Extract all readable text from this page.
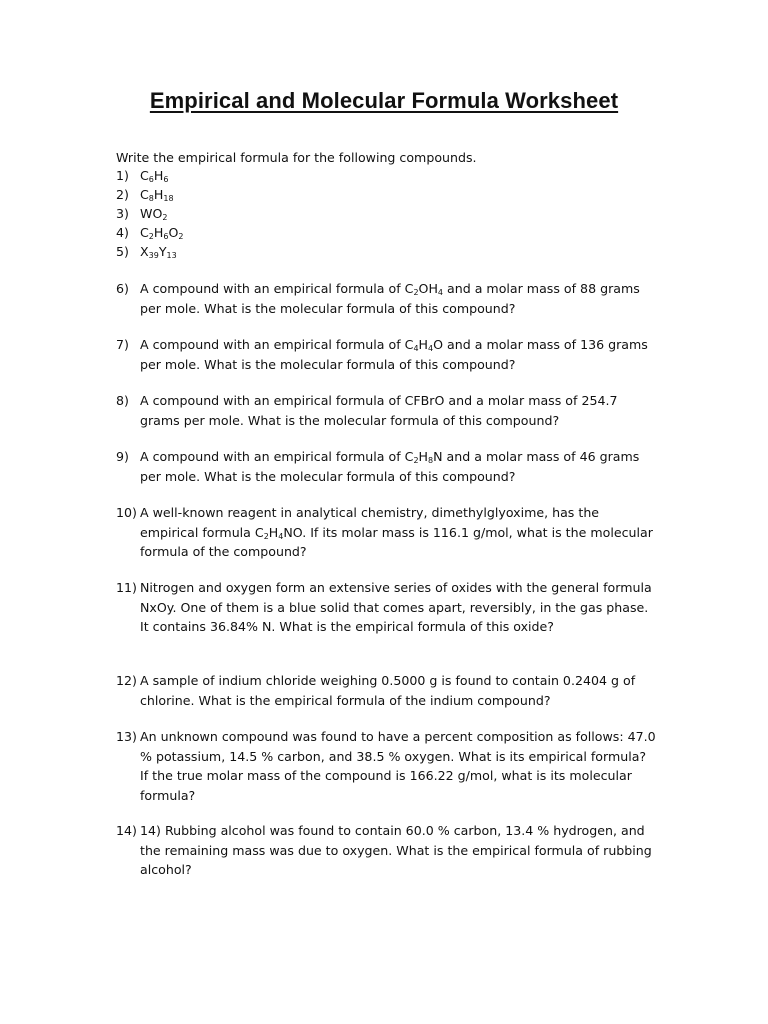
Empirical and Molecular Formula Worksheet
Write the empirical formula for the following compounds.
1) $C_6H_6$
2) $C_8H_{18}$
3) $WO_2$
4) $C_2H_6O_2$
5) $X_{39}Y_{13}$
6) A compound with an empirical formula of $C_2OH_4$ and a molar mass of 88 grams per mole. What is the molecular formula of this compound?
7) A compound with an empirical formula of $C_4H_4O$ and a molar mass of 136 grams per mole. What is the molecular formula of this compound?
8) A compound with an empirical formula of CFBrO and a molar mass of 254.7 grams per mole. What is the molecular formula of this compound?
9) A compound with an empirical formula of $C_2H_8N$ and a molar mass of 46 grams per mole. What is the molecular formula of this compound?
10) A well-known reagent in analytical chemistry, dimethylglyoxime, has the empirical formula $C_2H_4NO$. If its molar mass is 116.1 g/mol, what is the molecular formula of the compound?
11) Nitrogen and oxygen form an extensive series of oxides with the general formula NxOy. One of them is a blue solid that comes apart, reversibly, in the gas phase. It contains 36.84% N. What is the empirical formula of this oxide?
12) A sample of indium chloride weighing 0.5000 g is found to contain 0.2404 g of chlorine. What is the empirical formula of the indium compound?
13) An unknown compound was found to have a percent composition as follows: 47.0 % potassium, 14.5 % carbon, and 38.5 % oxygen. What is its empirical formula? If the true molar mass of the compound is 166.22 g/mol, what is its molecular formula?
14) 14) Rubbing alcohol was found to contain 60.0 % carbon, 13.4 % hydrogen, and the remaining mass was due to oxygen. What is the empirical formula of rubbing alcohol?
